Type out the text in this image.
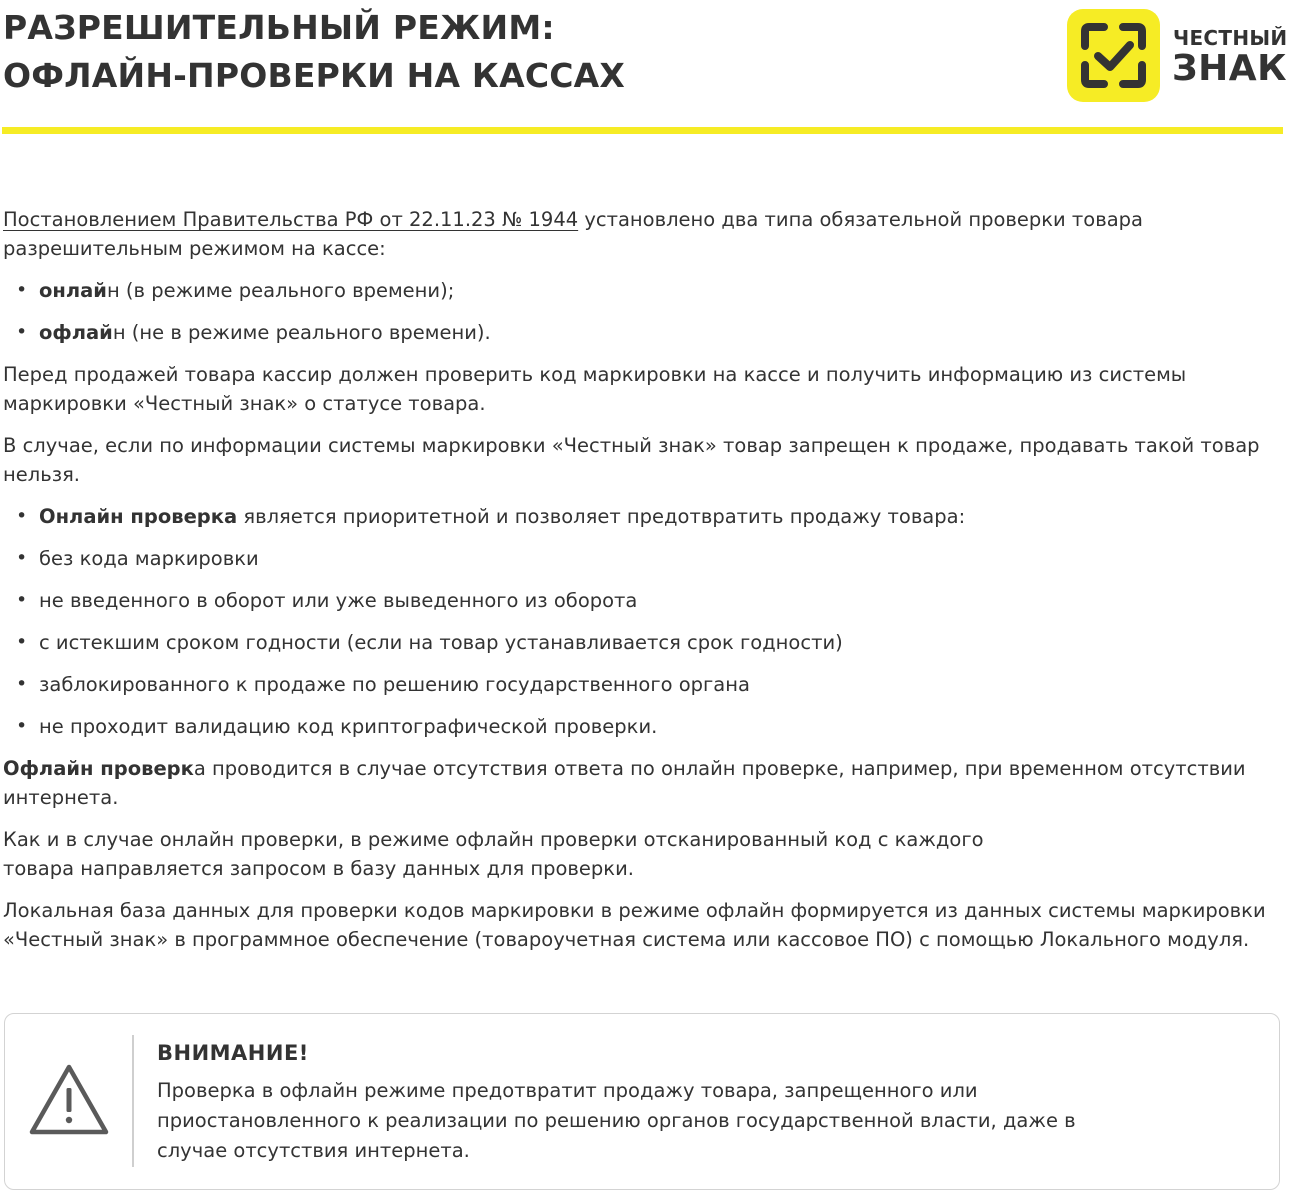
РАЗРЕШИТЕЛЬНЫЙ РЕЖИМ:
ОФЛАЙН-ПРОВЕРКИ НА КАССАХ
ЧЕСТНЫЙ
ЗНАК

Постановлением Правительства РФ от 22.11.23 № 1944 установлено два типа обязательной проверки товара разрешительным режимом на кассе:

• онлайн (в режиме реального времени);
• офлайн (не в режиме реального времени).

Перед продажей товара кассир должен проверить код маркировки на кассе и получить информацию из системы маркировки «Честный знак» о статусе товара.

В случае, если по информации системы маркировки «Честный знак» товар запрещен к продаже, продавать такой товар нельзя.

• Онлайн проверка является приоритетной и позволяет предотвратить продажу товара:
• без кода маркировки
• не введенного в оборот или уже выведенного из оборота
• с истекшим сроком годности (если на товар устанавливается срок годности)
• заблокированного к продаже по решению государственного органа
• не проходит валидацию код криптографической проверки.

Офлайн проверка проводится в случае отсутствия ответа по онлайн проверке, например, при временном отсутствии интернета.

Как и в случае онлайн проверки, в режиме офлайн проверки отсканированный код с каждого
товара направляется запросом в базу данных для проверки.

Локальная база данных для проверки кодов маркировки в режиме офлайн формируется из данных системы маркировки «Честный знак» в программное обеспечение (товароучетная система или кассовое ПО) с помощью Локального модуля.

ВНИМАНИЕ!
Проверка в офлайн режиме предотвратит продажу товара, запрещенного или
приостановленного к реализации по решению органов государственной власти, даже в
случае отсутствия интернета.
